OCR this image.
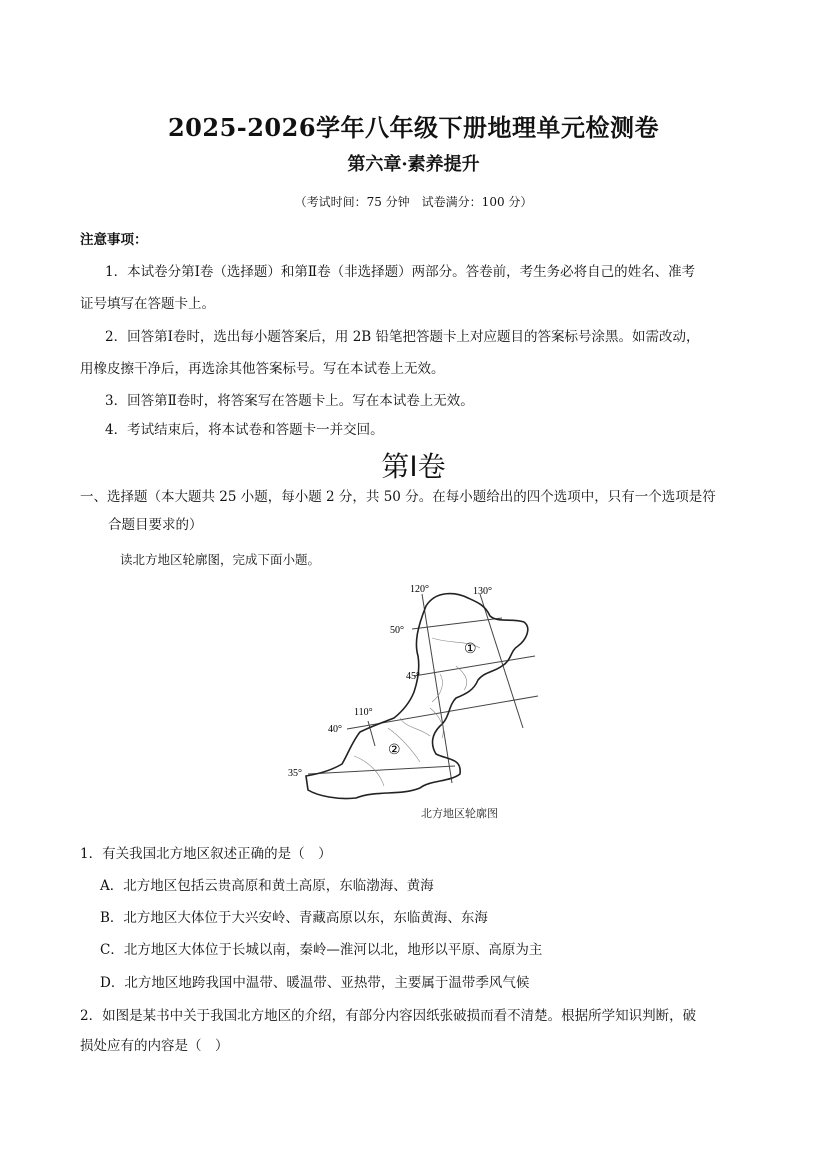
2025-2026学年八年级下册地理单元检测卷
第六章·素养提升
（考试时间：75 分钟　试卷满分：100 分）
注意事项：
1．本试卷分第Ⅰ卷（选择题）和第Ⅱ卷（非选择题）两部分。答卷前，考生务必将自己的姓名、准考
证号填写在答题卡上。
2．回答第Ⅰ卷时，选出每小题答案后，用 2B 铅笔把答题卡上对应题目的答案标号涂黑。如需改动，
用橡皮擦干净后，再选涂其他答案标号。写在本试卷上无效。
3．回答第Ⅱ卷时，将答案写在答题卡上。写在本试卷上无效。
4．考试结束后，将本试卷和答题卡一并交回。
第Ⅰ卷
一、选择题（本大题共 25 小题，每小题 2 分，共 50 分。在每小题给出的四个选项中，只有一个选项是符
合题目要求的）
读北方地区轮廓图，完成下面小题。
120°	130°
110°
50°
45°
40°
35°
①
②
北方地区轮廓图
1．有关我国北方地区叙述正确的是（　）
A．北方地区包括云贵高原和黄土高原，东临渤海、黄海
B．北方地区大体位于大兴安岭、青藏高原以东，东临黄海、东海
C．北方地区大体位于长城以南，秦岭—淮河以北，地形以平原、高原为主
D．北方地区地跨我国中温带、暖温带、亚热带，主要属于温带季风气候
2．如图是某书中关于我国北方地区的介绍，有部分内容因纸张破损而看不清楚。根据所学知识判断，破
损处应有的内容是（　）
